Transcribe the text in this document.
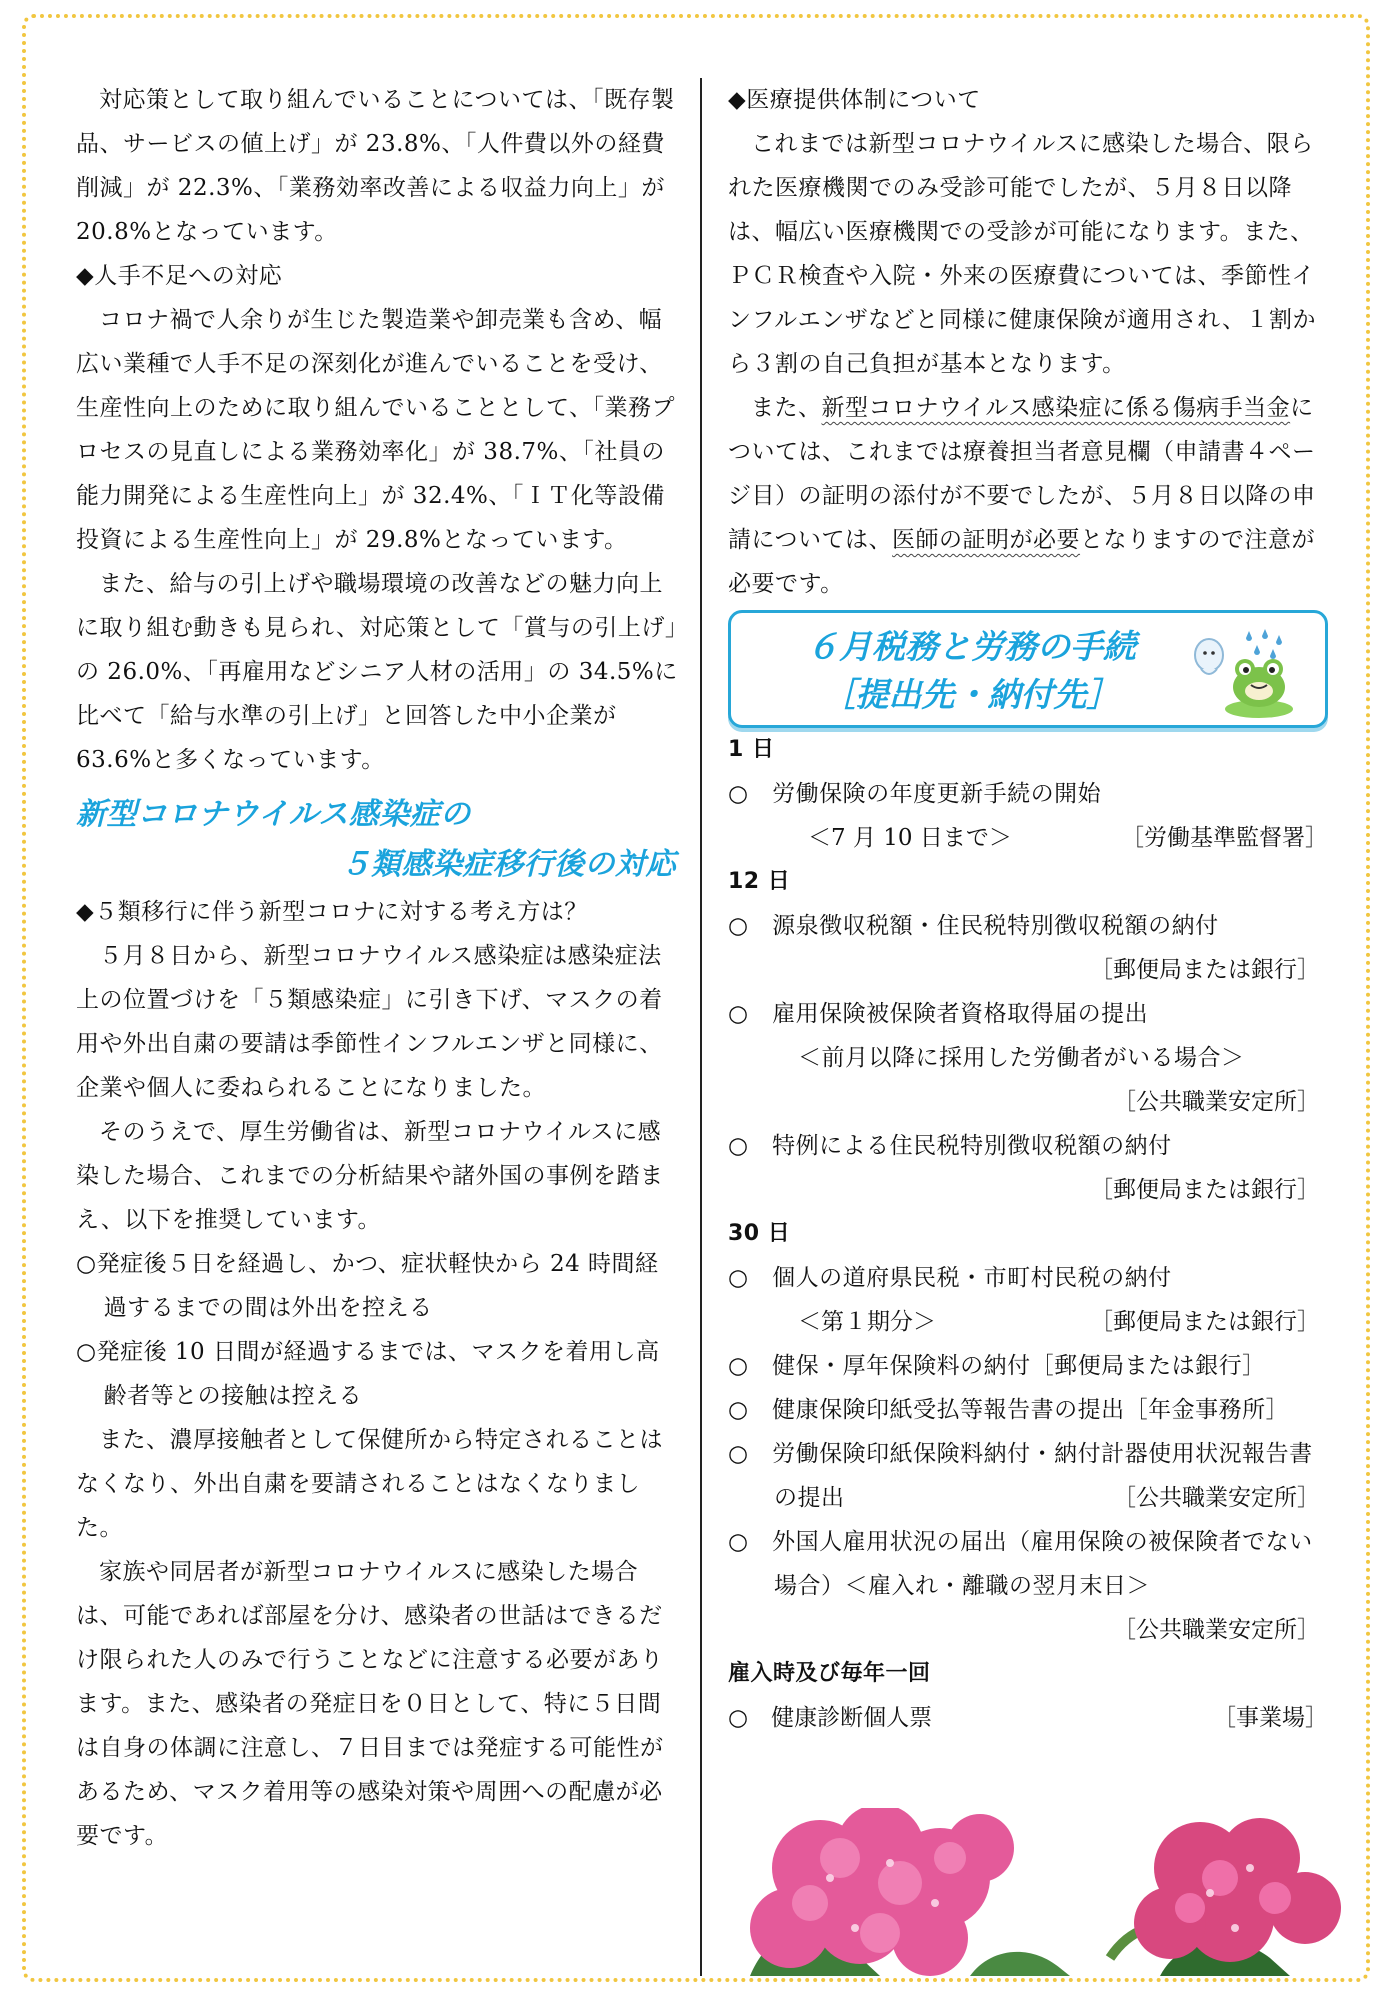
対応策として取り組んでいることについては、「既存製品、サービスの値上げ」が 23.8%、「人件費以外の経費削減」が 22.3%、「業務効率改善による収益力向上」が 20.8%となっています。

◆人手不足への対応

コロナ禍で人余りが生じた製造業や卸売業も含め、幅広い業種で人手不足の深刻化が進んでいることを受け、生産性向上のために取り組んでいることとして、「業務プロセスの見直しによる業務効率化」が 38.7%、「社員の能力開発による生産性向上」が 32.4%、「ＩＴ化等設備投資による生産性向上」が 29.8%となっています。

また、給与の引上げや職場環境の改善などの魅力向上に取り組む動きも見られ、対応策として「賞与の引上げ」の 26.0%、「再雇用などシニア人材の活用」の 34.5%に比べて「給与水準の引上げ」と回答した中小企業が 63.6%と多くなっています。

新型コロナウイルス感染症の

５類感染症移行後の対応

◆５類移行に伴う新型コロナに対する考え方は？

５月８日から、新型コロナウイルス感染症は感染症法上の位置づけを「５類感染症」に引き下げ、マスクの着用や外出自粛の要請は季節性インフルエンザと同様に、企業や個人に委ねられることになりました。

そのうえで、厚生労働省は、新型コロナウイルスに感染した場合、これまでの分析結果や諸外国の事例を踏まえ、以下を推奨しています。

○発症後５日を経過し、かつ、症状軽快から 24 時間経過するまでの間は外出を控える

○発症後 10 日間が経過するまでは、マスクを着用し高齢者等との接触は控える

また、濃厚接触者として保健所から特定されることはなくなり、外出自粛を要請されることはなくなりました。

家族や同居者が新型コロナウイルスに感染した場合は、可能であれば部屋を分け、感染者の世話はできるだけ限られた人のみで行うことなどに注意する必要があります。また、感染者の発症日を０日として、特に５日間は自身の体調に注意し、７日目までは発症する可能性があるため、マスク着用等の感染対策や周囲への配慮が必要です。

◆医療提供体制について

これまでは新型コロナウイルスに感染した場合、限られた医療機関でのみ受診可能でしたが、５月８日以降は、幅広い医療機関での受診が可能になります。また、ＰＣＲ検査や入院・外来の医療費については、季節性インフルエンザなどと同様に健康保険が適用され、１割から３割の自己負担が基本となります。

また、新型コロナウイルス感染症に係る傷病手当金については、これまでは療養担当者意見欄（申請書４ページ目）の証明の添付が不要でしたが、５月８日以降の申請については、医師の証明が必要となりますので注意が必要です。

６月税務と労務の手続
［提出先・納付先］

1 日

○　労働保険の年度更新手続の開始

＜7 月 10 日まで＞	［労働基準監督署］

12 日

○　源泉徴収税額・住民税特別徴収税額の納付

［郵便局または銀行］

○　雇用保険被保険者資格取得届の提出

＜前月以降に採用した労働者がいる場合＞

［公共職業安定所］

○　特例による住民税特別徴収税額の納付

［郵便局または銀行］

30 日

○　個人の道府県民税・市町村民税の納付

＜第１期分＞	［郵便局または銀行］

○　健保・厚年保険料の納付［郵便局または銀行］

○　健康保険印紙受払等報告書の提出［年金事務所］

○　労働保険印紙保険料納付・納付計器使用状況報告書の提出	［公共職業安定所］

○　外国人雇用状況の届出（雇用保険の被保険者でない場合）＜雇入れ・離職の翌月末日＞

［公共職業安定所］

雇入時及び毎年一回

○　健康診断個人票	［事業場］
